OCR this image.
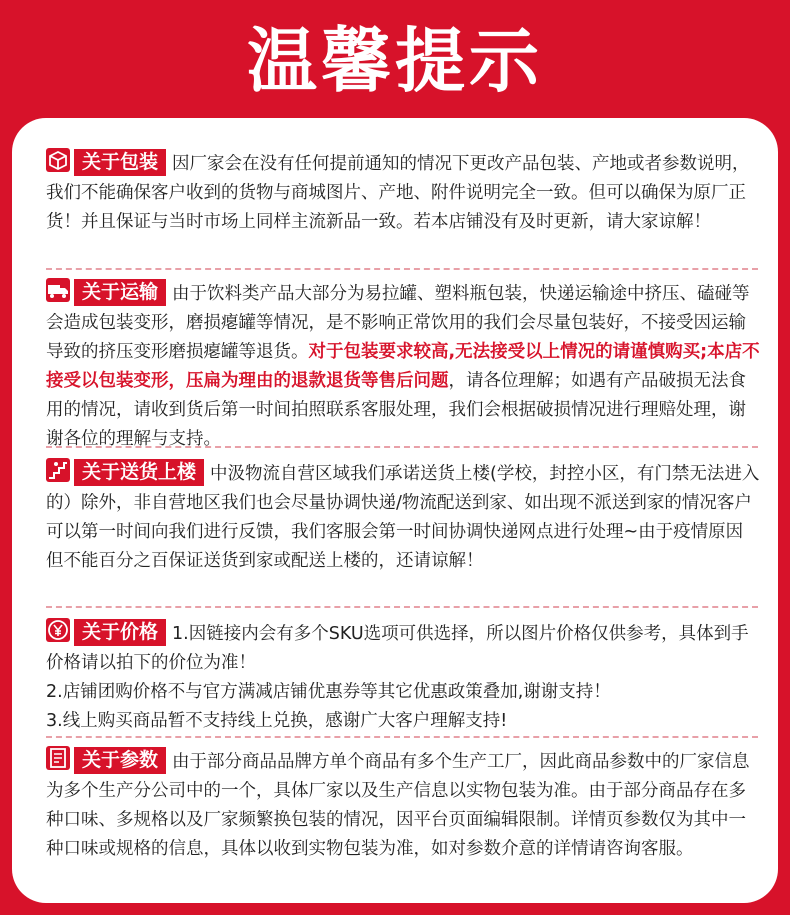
温馨提示
关于包装 因厂家会在没有任何提前通知的情况下更改产品包装、产地或者参数说明，我们不能确保客户收到的货物与商城图片、产地、附件说明完全一致。但可以确保为原厂正货！并且保证与当时市场上同样主流新品一致。若本店铺没有及时更新，请大家谅解！
关于运输 由于饮料类产品大部分为易拉罐、塑料瓶包装，快递运输途中挤压、磕碰等会造成包装变形，磨损瘪罐等情况，是不影响正常饮用的我们会尽量包装好，不接受因运输导致的挤压变形磨损瘪罐等退货。对于包装要求较高,无法接受以上情况的请谨慎购买;本店不接受以包装变形，压扁为理由的退款退货等售后问题，请各位理解；如遇有产品破损无法食用的情况，请收到货后第一时间拍照联系客服处理，我们会根据破损情况进行理赔处理，谢谢各位的理解与支持。
关于送货上楼 中汲物流自营区域我们承诺送货上楼(学校，封控小区，有门禁无法进入的）除外，非自营地区我们也会尽量协调快递/物流配送到家、如出现不派送到家的情况客户可以第一时间向我们进行反馈，我们客服会第一时间协调快递网点进行处理~由于疫情原因但不能百分之百保证送货到家或配送上楼的，还请谅解！
关于价格 1.因链接内会有多个SKU选项可供选择，所以图片价格仅供参考，具体到手价格请以拍下的价位为准！
2.店铺团购价格不与官方满减店铺优惠券等其它优惠政策叠加,谢谢支持！
3.线上购买商品暂不支持线上兑换，感谢广大客户理解支持!
关于参数 由于部分商品品牌方单个商品有多个生产工厂，因此商品参数中的厂家信息为多个生产分公司中的一个，具体厂家以及生产信息以实物包装为准。由于部分商品存在多种口味、多规格以及厂家频繁换包装的情况，因平台页面编辑限制。详情页参数仅为其中一种口味或规格的信息，具体以收到实物包装为准，如对参数介意的详情请咨询客服。
